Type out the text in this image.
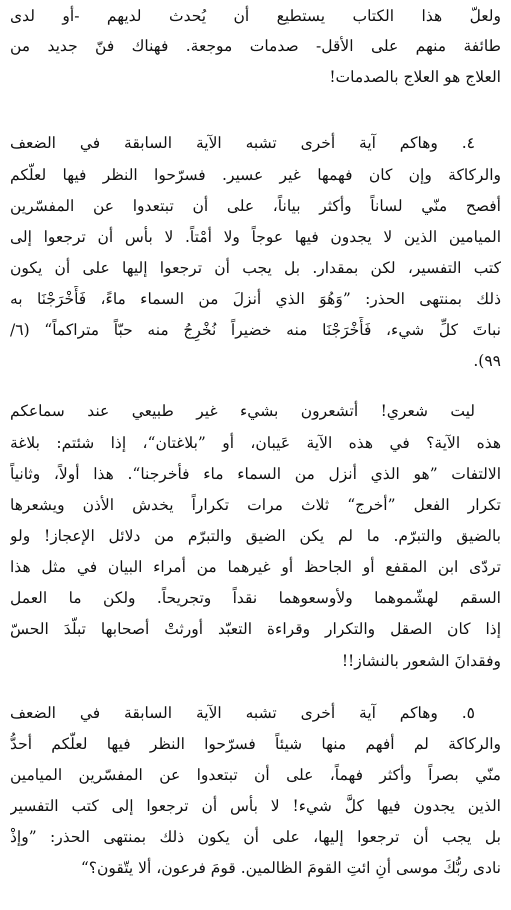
ولعلّ هذا الكتاب يستطيع أن يُحدث لديهم -أو لدى
طائفة منهم على الأقل- صدمات موجعة. فهناك فنّ جديد من
العلاج هو العلاج بالصدمات!
٤. وهاكم آية أخرى تشبه الآية السابقة في الضعف
والركاكة وإن كان فهمها غير عسير. فسرّحوا النظر فيها لعلّكم
أفصح منّي لساناً وأكثر بياناً، على أن تبتعدوا عن المفسّرين
الميامين الذين لا يجدون فيها عوجاً ولا أمْتاً. لا بأس أن ترجعوا إلى
كتب التفسير، لكن بمقدار. بل يجب أن ترجعوا إليها على أن يكون
ذلك بمنتهى الحذر: ”وَهُوَ الذي أنزلَ من السماء ماءً، فَأَخْرَجْنَا به
نباتَ كلِّ شيء، فَأَخْرَجْنَا منه خضيراً نُخْرِجُ منه حبّاً متراكماً“ (٦/
٩٩).
ليت شعري! أتشعرون بشيء غير طبيعي عند سماعكم
هذه الآية؟ في هذه الآية عَيبان، أو ”بلاغتان“، إذا شئتم: بلاغة
الالتفات ”هو الذي أنزل من السماء ماء فأخرجنا“. هذا أولاً، وثانياً
تكرار الفعل ”أخرج“ ثلاث مرات تكراراً يخدش الأذن ويشعرها
بالضيق والتبرّم. ما لم يكن الضيق والتبرّم من دلائل الإعجاز! ولو
تردّى ابن المقفع أو الجاحظ أو غيرهما من أمراء البيان في مثل هذا
السقم لهشّموهما ولأوسعوهما نقداً وتجريحاً. ولكن ما العمل
إذا كان الصقل والتكرار وقراءة التعبّد أورثتْ أصحابها تبلّدَ الحسّ
وفقدانَ الشعور بالنشاز!!
٥. وهاكم آية أخرى تشبه الآية السابقة في الضعف
والركاكة لم أفهم منها شيئاً فسرّحوا النظر فيها لعلّكم أحدُّ
منّي بصراً وأكثر فهماً، على أن تبتعدوا عن المفسّرين الميامين
الذين يجدون فيها كلَّ شيء! لا بأس أن ترجعوا إلى كتب التفسير
بل يجب أن ترجعوا إليها، على أن يكون ذلك بمنتهى الحذر: ”وإذْ
نادى ربُّكَ موسى أنِ ائتِ القومَ الظالمين. قومَ فرعون، ألا يتّقون؟“
